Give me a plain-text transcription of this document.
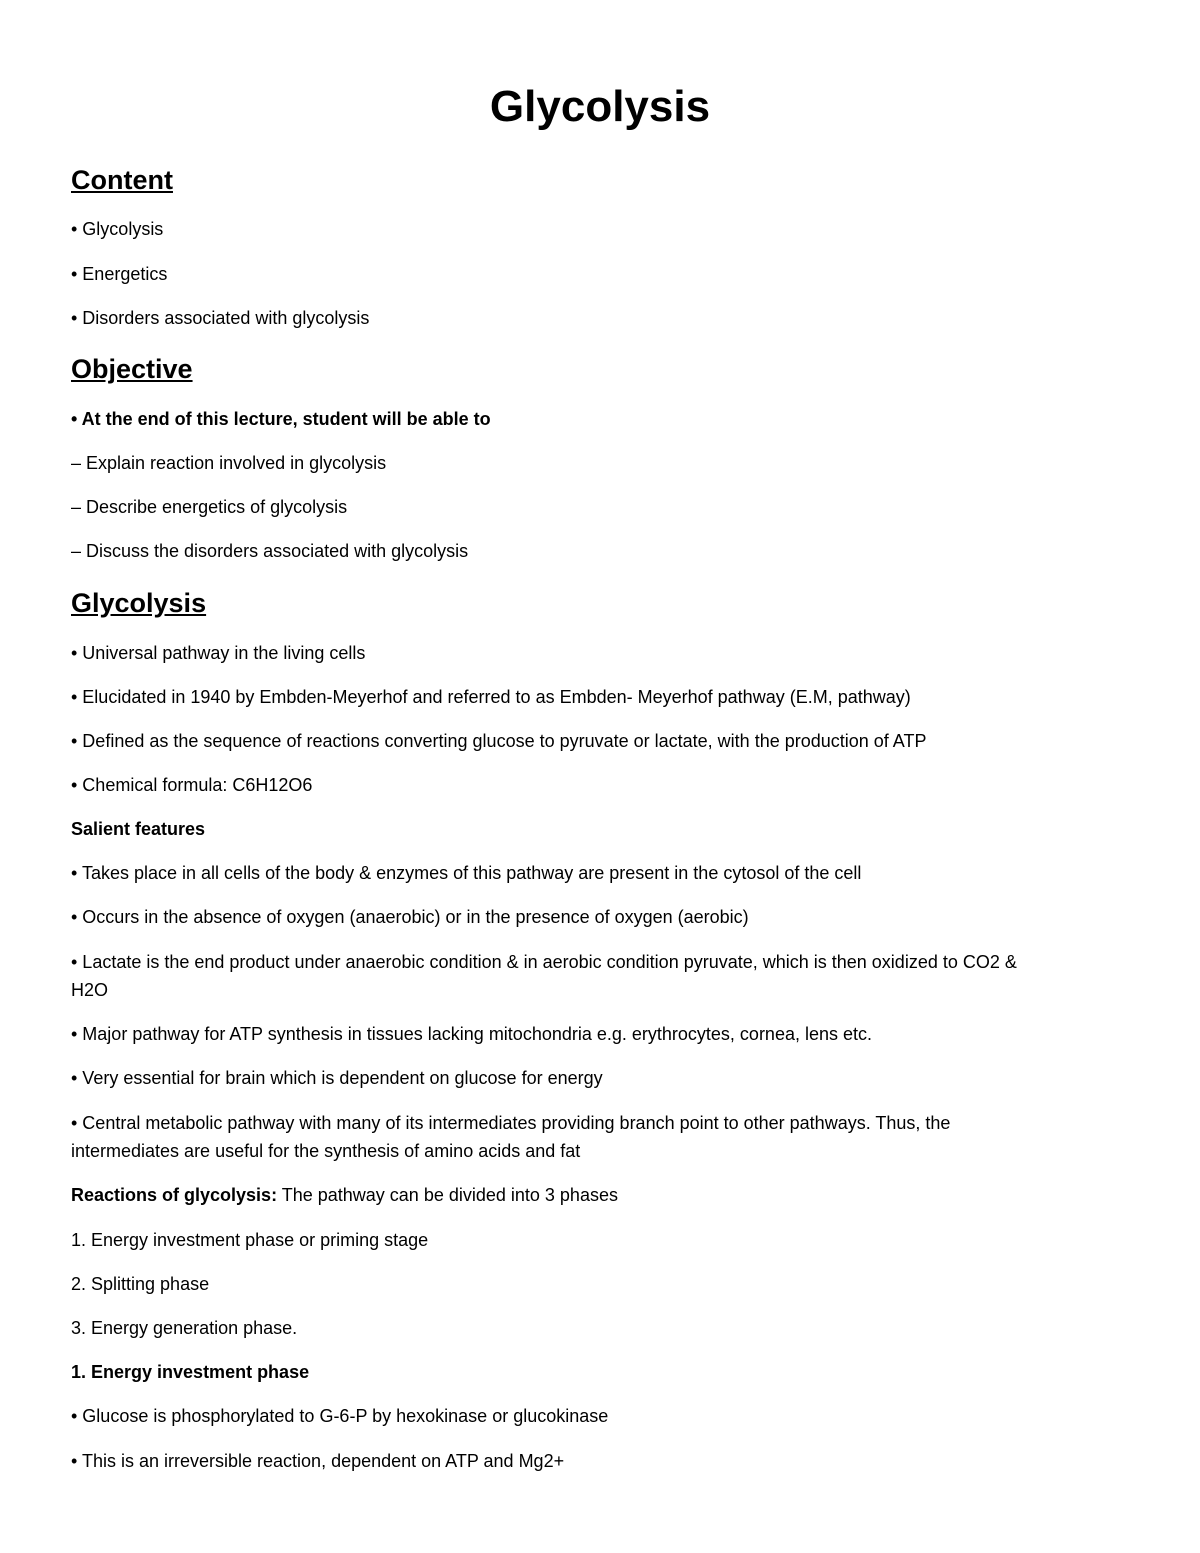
Glycolysis
Content
• Glycolysis
• Energetics
• Disorders associated with glycolysis
Objective
• At the end of this lecture, student will be able to
– Explain reaction involved in glycolysis
– Describe energetics of glycolysis
– Discuss the disorders associated with glycolysis
Glycolysis
• Universal pathway in the living cells
• Elucidated in 1940 by Embden-Meyerhof and referred to as Embden- Meyerhof pathway (E.M, pathway)
• Defined as the sequence of reactions converting glucose to pyruvate or lactate, with the production of ATP
• Chemical formula: C6H12O6
Salient features
• Takes place in all cells of the body & enzymes of this pathway are present in the cytosol of the cell
• Occurs in the absence of oxygen (anaerobic) or in the presence of oxygen (aerobic)
• Lactate is the end product under anaerobic condition & in aerobic condition pyruvate, which is then oxidized to CO2 &
H2O
• Major pathway for ATP synthesis in tissues lacking mitochondria e.g. erythrocytes, cornea, lens etc.
• Very essential for brain which is dependent on glucose for energy
• Central metabolic pathway with many of its intermediates providing branch point to other pathways. Thus, the
intermediates are useful for the synthesis of amino acids and fat
Reactions of glycolysis: The pathway can be divided into 3 phases
1. Energy investment phase or priming stage
2. Splitting phase
3. Energy generation phase.
1. Energy investment phase
• Glucose is phosphorylated to G-6-P by hexokinase or glucokinase
• This is an irreversible reaction, dependent on ATP and Mg2+
